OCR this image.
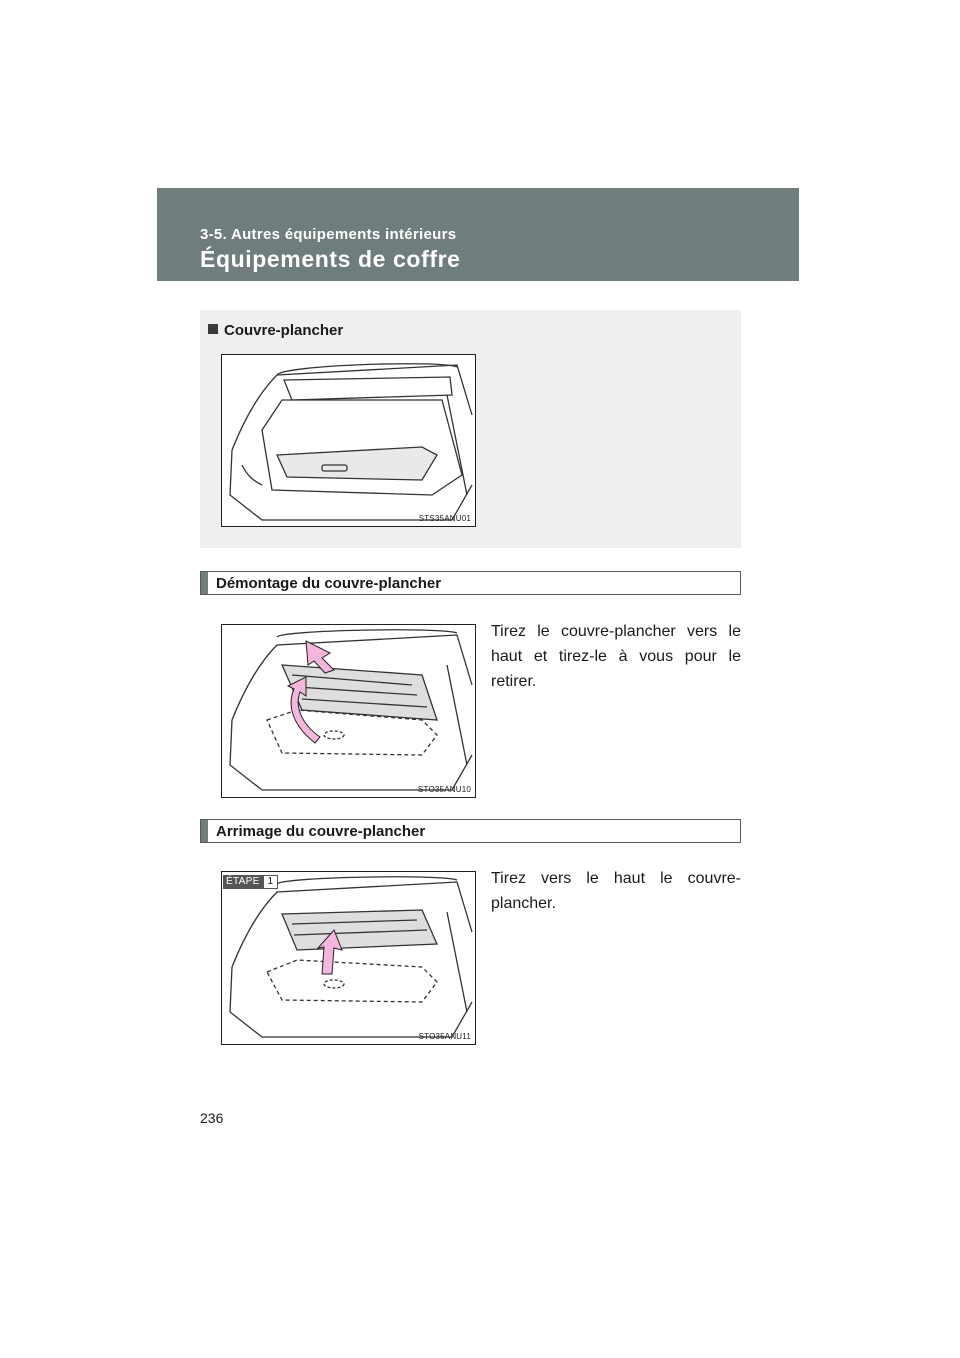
3-5. Autres équipements intérieurs
Équipements de coffre
Couvre-plancher
STS35ANU01
Démontage du couvre-plancher
Tirez le couvre-plancher vers le haut et tirez-le à vous pour le retirer.
STO35ANU10
Arrimage du couvre-plancher
Tirez vers le haut le couvre-plancher.
ÉTAPE 1
STO35ANU11
236
